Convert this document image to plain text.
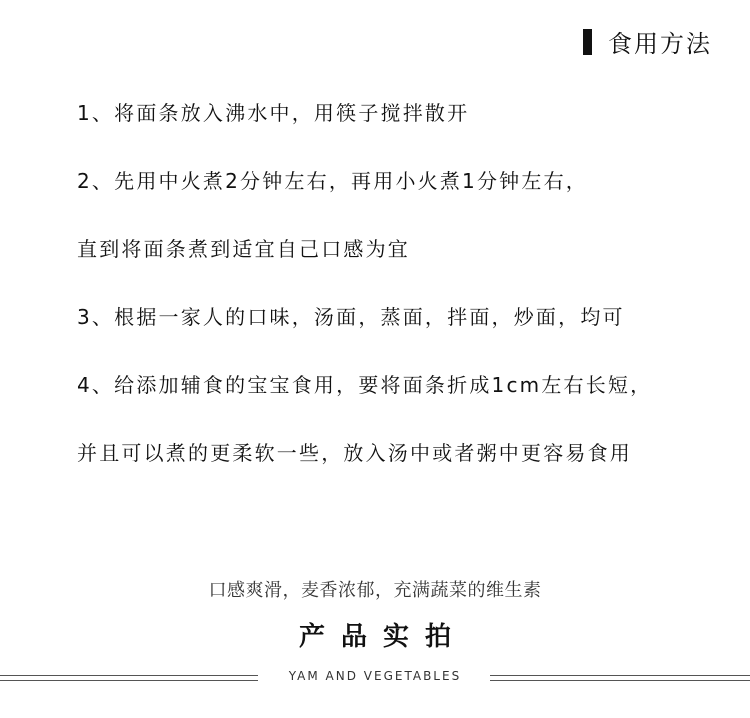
食用方法
1、将面条放入沸水中，用筷子搅拌散开
2、先用中火煮2分钟左右，再用小火煮1分钟左右，
直到将面条煮到适宜自己口感为宜
3、根据一家人的口味，汤面，蒸面，拌面，炒面，均可
4、给添加辅食的宝宝食用，要将面条折成1cm左右长短，
并且可以煮的更柔软一些，放入汤中或者粥中更容易食用
口感爽滑，麦香浓郁，充满蔬菜的维生素
产品实拍
YAM AND VEGETABLES
